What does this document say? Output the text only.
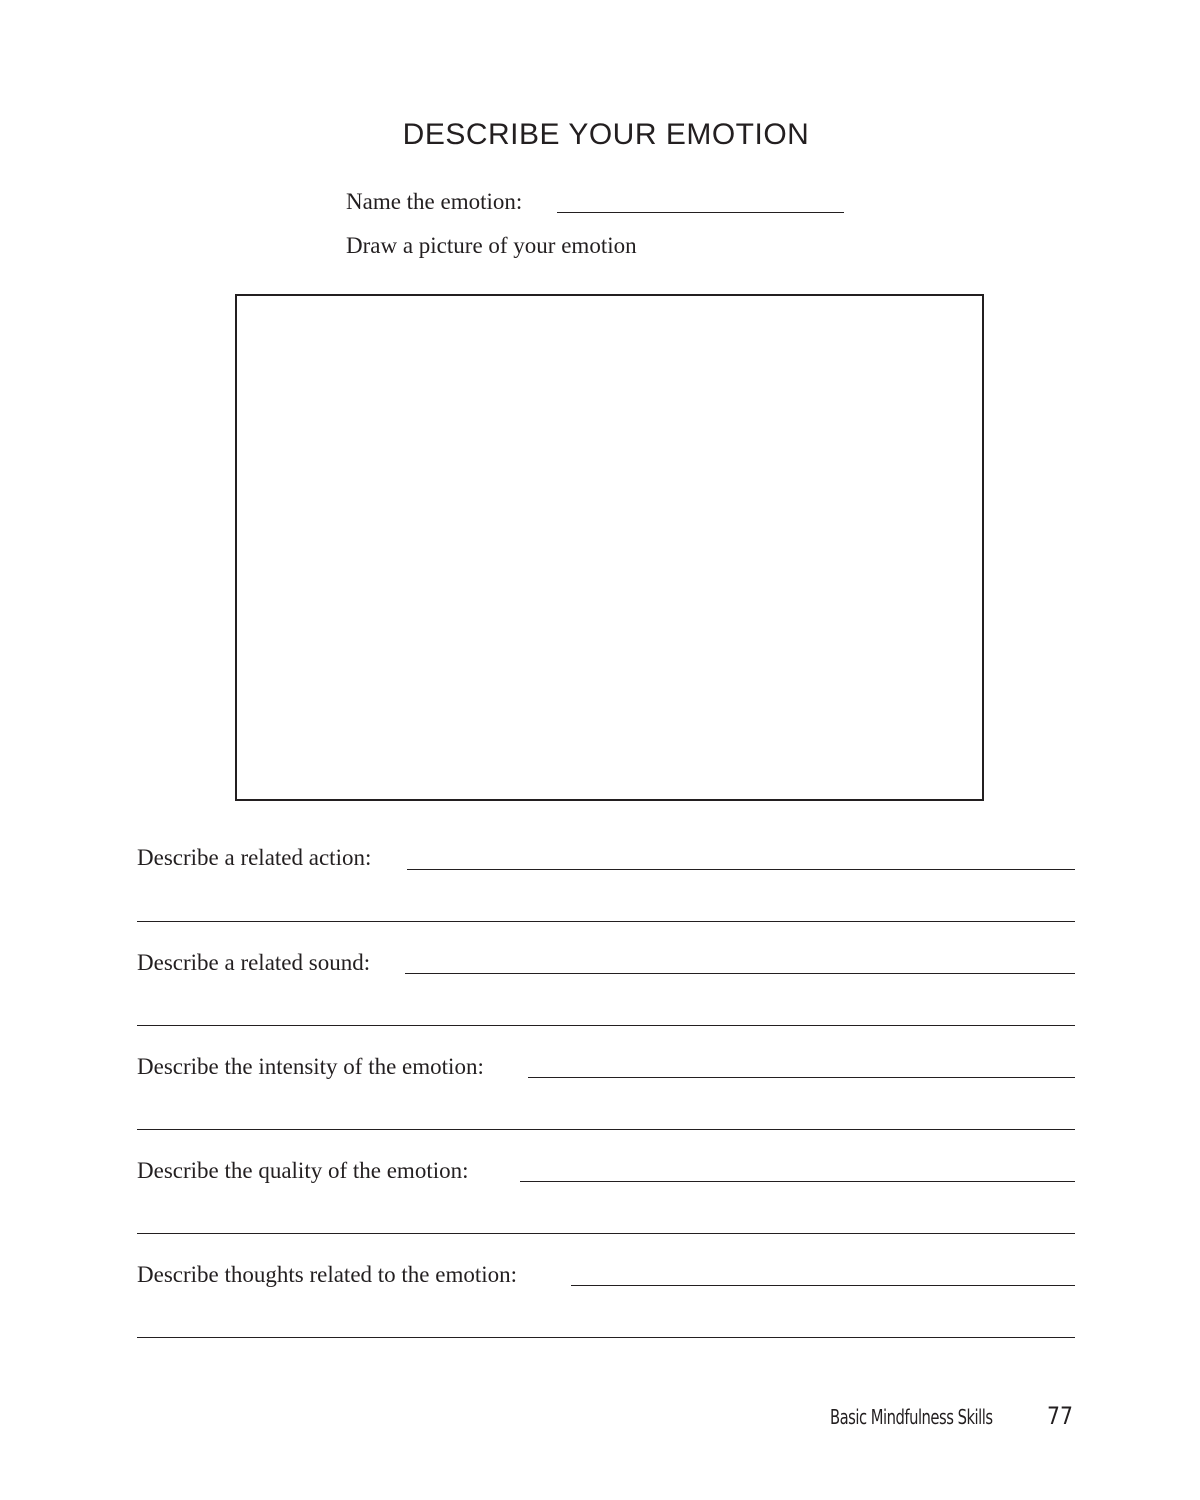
DESCRIBE YOUR EMOTION
Name the emotion:
Draw a picture of your emotion
Describe a related action:
Describe a related sound:
Describe the intensity of the emotion:
Describe the quality of the emotion:
Describe thoughts related to the emotion:
Basic Mindfulness Skills 77
